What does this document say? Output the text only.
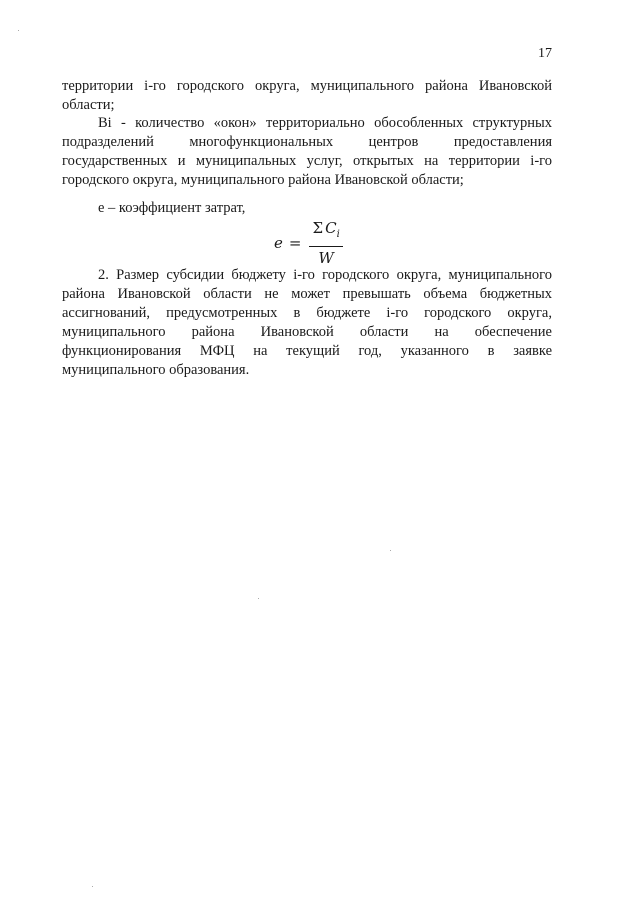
17

территории i-го городского округа, муниципального района Ивановской области;

Bi - количество «окон» территориально обособленных структурных подразделений многофункциональных центров предоставления государственных и муниципальных услуг, открытых на территории i-го городского округа, муниципального района Ивановской области;

e – коэффициент затрат,
$e = \frac{\Sigma C_i}{W}$

2. Размер субсидии бюджету i-го городского округа, муниципального района Ивановской области не может превышать объема бюджетных ассигнований, предусмотренных в бюджете i-го городского округа, муниципального района Ивановской области на обеспечение функционирования МФЦ на текущий год, указанного в заявке муниципального образования.
